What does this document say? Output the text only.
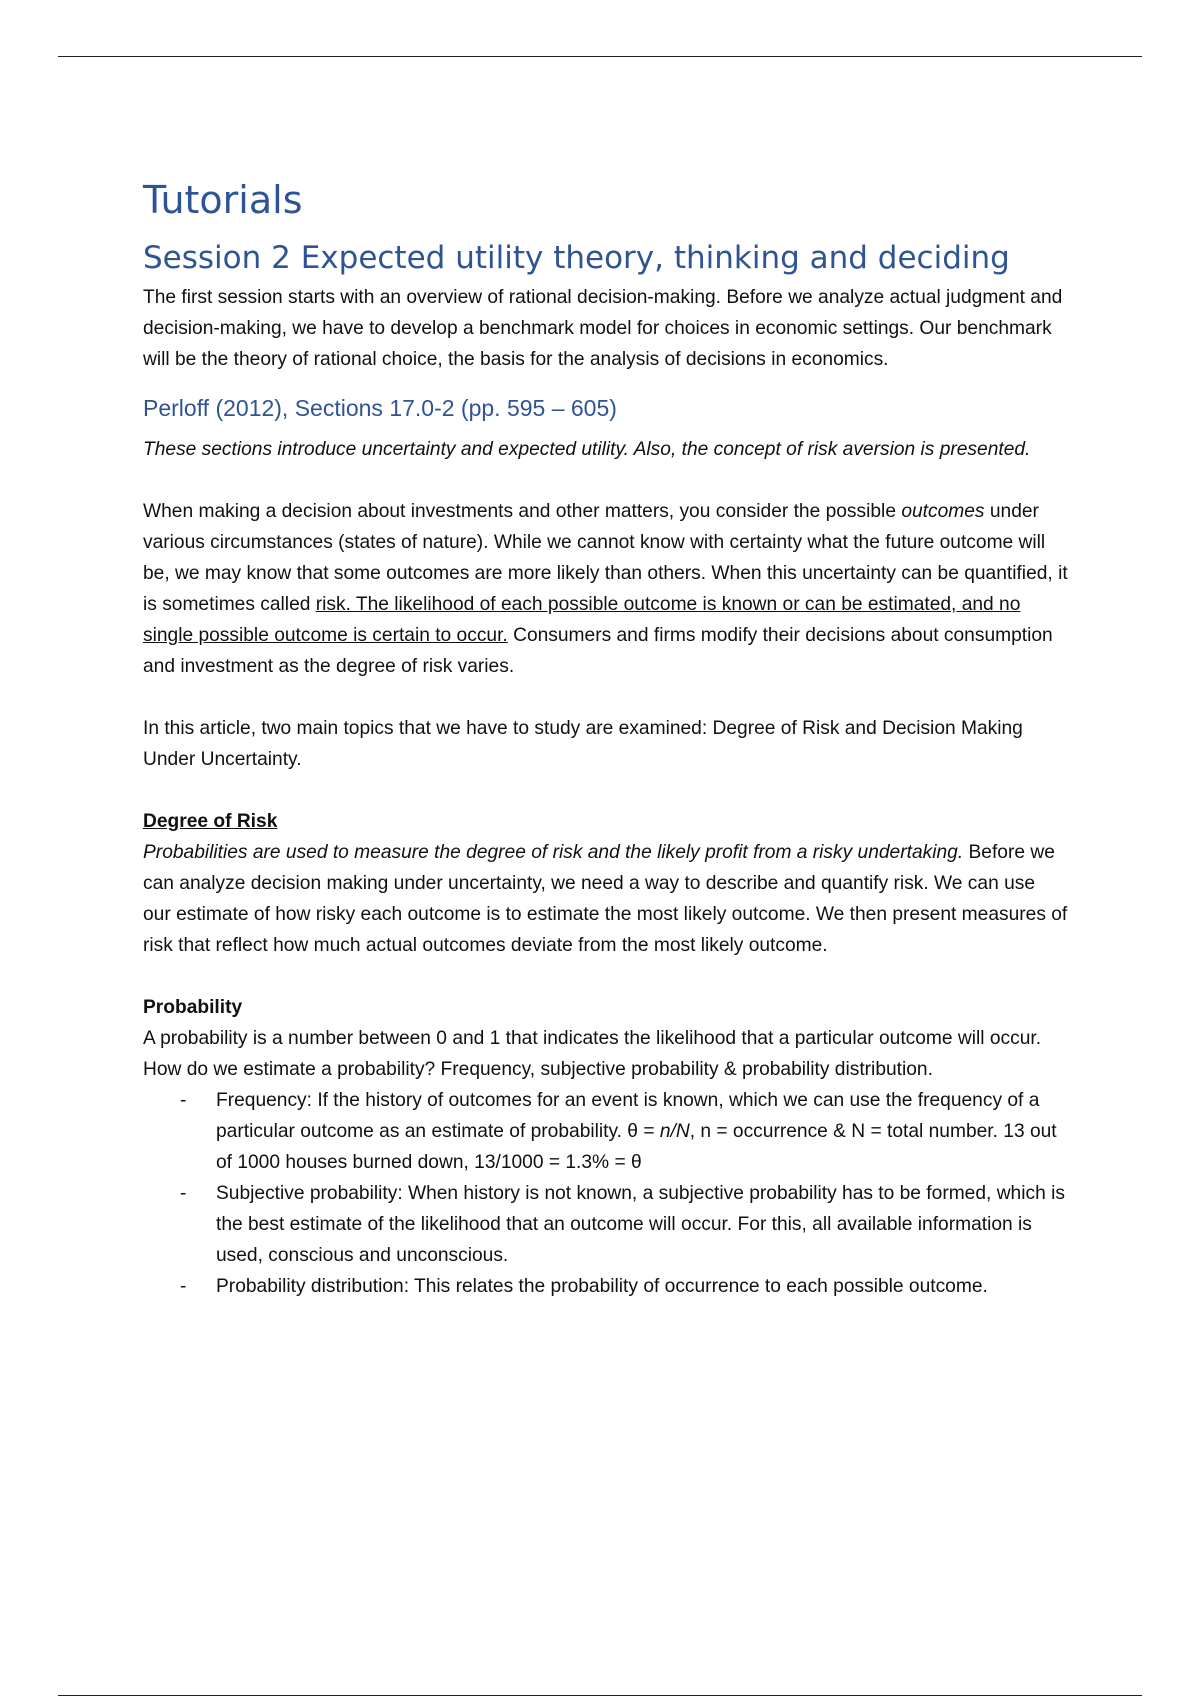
Tutorials
Session 2 Expected utility theory, thinking and deciding

The first session starts with an overview of rational decision-making. Before we analyze actual judgment and decision-making, we have to develop a benchmark model for choices in economic settings. Our benchmark will be the theory of rational choice, the basis for the analysis of decisions in economics.

Perloff (2012), Sections 17.0-2 (pp. 595 – 605)

These sections introduce uncertainty and expected utility. Also, the concept of risk aversion is presented.

When making a decision about investments and other matters, you consider the possible outcomes under various circumstances (states of nature). While we cannot know with certainty what the future outcome will be, we may know that some outcomes are more likely than others. When this uncertainty can be quantified, it is sometimes called risk. The likelihood of each possible outcome is known or can be estimated, and no single possible outcome is certain to occur. Consumers and firms modify their decisions about consumption and investment as the degree of risk varies.

In this article, two main topics that we have to study are examined: Degree of Risk and Decision Making Under Uncertainty.

Degree of Risk

Probabilities are used to measure the degree of risk and the likely profit from a risky undertaking. Before we can analyze decision making under uncertainty, we need a way to describe and quantify risk. We can use our estimate of how risky each outcome is to estimate the most likely outcome. We then present measures of risk that reflect how much actual outcomes deviate from the most likely outcome.

Probability

A probability is a number between 0 and 1 that indicates the likelihood that a particular outcome will occur. How do we estimate a probability? Frequency, subjective probability & probability distribution.

- Frequency: If the history of outcomes for an event is known, which we can use the frequency of a particular outcome as an estimate of probability. θ = n/N, n = occurrence & N = total number. 13 out of 1000 houses burned down, 13/1000 = 1.3% = θ
- Subjective probability: When history is not known, a subjective probability has to be formed, which is the best estimate of the likelihood that an outcome will occur. For this, all available information is used, conscious and unconscious.
- Probability distribution: This relates the probability of occurrence to each possible outcome.
